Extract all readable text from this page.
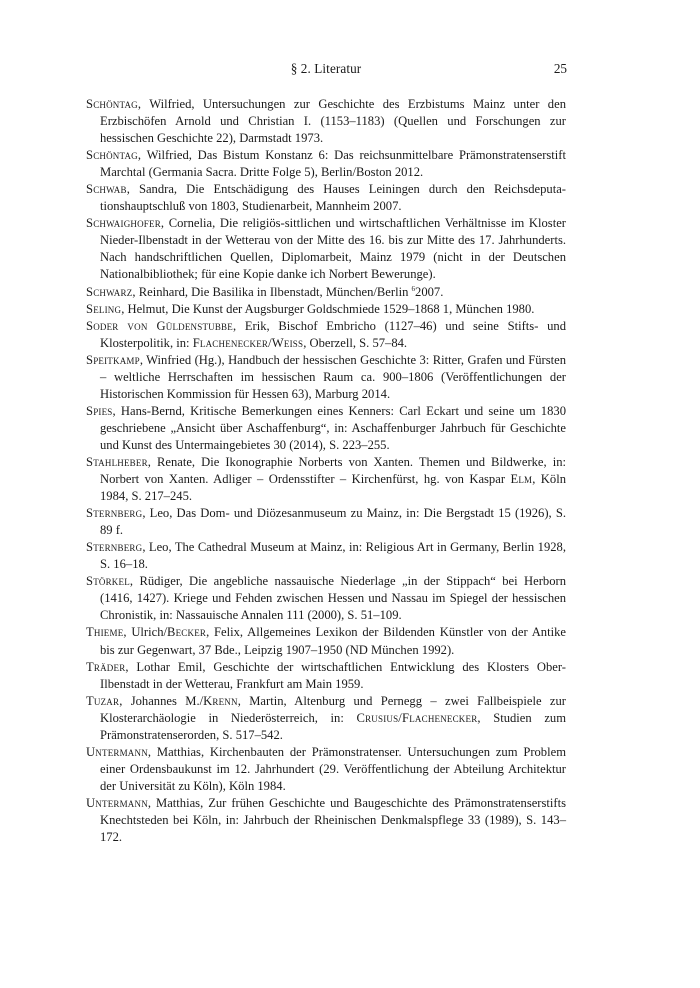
§ 2. Literatur	25

Schöntag, Wilfried, Untersuchungen zur Geschichte des Erzbistums Mainz unter den Erzbischöfen Arnold und Christian I. (1153–1183) (Quellen und Forschungen zur hessischen Geschichte 22), Darmstadt 1973.

Schöntag, Wilfried, Das Bistum Konstanz 6: Das reichsunmittelbare Prämonstratenserstift Marchtal (Germania Sacra. Dritte Folge 5), Berlin/Boston 2012.

Schwab, Sandra, Die Entschädigung des Hauses Leiningen durch den Reichsdeputationshauptschluß von 1803, Studienarbeit, Mannheim 2007.

Schwaighofer, Cornelia, Die religiös-sittlichen und wirtschaftlichen Verhältnisse im Kloster Nieder-Ilbenstadt in der Wetterau von der Mitte des 16. bis zur Mitte des 17. Jahrhunderts. Nach handschriftlichen Quellen, Diplomarbeit, Mainz 1979 (nicht in der Deutschen Nationalbibliothek; für eine Kopie danke ich Norbert Bewerunge).

Schwarz, Reinhard, Die Basilika in Ilbenstadt, München/Berlin $^6$2007.

Seling, Helmut, Die Kunst der Augsburger Goldschmiede 1529–1868 1, München 1980.

Soder von Güldenstubbe, Erik, Bischof Embricho (1127–46) und seine Stifts- und Klosterpolitik, in: Flachenecker/Weiss, Oberzell, S. 57–84.

Speitkamp, Winfried (Hg.), Handbuch der hessischen Geschichte 3: Ritter, Grafen und Fürsten – weltliche Herrschaften im hessischen Raum ca. 900–1806 (Veröffentlichungen der Historischen Kommission für Hessen 63), Marburg 2014.

Spies, Hans-Bernd, Kritische Bemerkungen eines Kenners: Carl Eckart und seine um 1830 geschriebene „Ansicht über Aschaffenburg“, in: Aschaffenburger Jahrbuch für Geschichte und Kunst des Untermaingebietes 30 (2014), S. 223–255.

Stahlheber, Renate, Die Ikonographie Norberts von Xanten. Themen und Bildwerke, in: Norbert von Xanten. Adliger – Ordensstifter – Kirchenfürst, hg. von Kaspar Elm, Köln 1984, S. 217–245.

Sternberg, Leo, Das Dom- und Diözesanmuseum zu Mainz, in: Die Bergstadt 15 (1926), S. 89 f.

Sternberg, Leo, The Cathedral Museum at Mainz, in: Religious Art in Germany, Berlin 1928, S. 16–18.

Störkel, Rüdiger, Die angebliche nassauische Niederlage „in der Stippach“ bei Herborn (1416, 1427). Kriege und Fehden zwischen Hessen und Nassau im Spiegel der hessischen Chronistik, in: Nassauische Annalen 111 (2000), S. 51–109.

Thieme, Ulrich/Becker, Felix, Allgemeines Lexikon der Bildenden Künstler von der Antike bis zur Gegenwart, 37 Bde., Leipzig 1907–1950 (ND München 1992).

Träder, Lothar Emil, Geschichte der wirtschaftlichen Entwicklung des Klosters Ober-Ilbenstadt in der Wetterau, Frankfurt am Main 1959.

Tuzar, Johannes M./Krenn, Martin, Altenburg und Pernegg – zwei Fallbeispiele zur Klosterarchäologie in Niederösterreich, in: Crusius/Flachenecker, Studien zum Prämonstratenserorden, S. 517–542.

Untermann, Matthias, Kirchenbauten der Prämonstratenser. Untersuchungen zum Problem einer Ordensbaukunst im 12. Jahrhundert (29. Veröffentlichung der Abteilung Architektur der Universität zu Köln), Köln 1984.

Untermann, Matthias, Zur frühen Geschichte und Baugeschichte des Prämonstratenserstifts Knechtsteden bei Köln, in: Jahrbuch der Rheinischen Denkmalspflege 33 (1989), S. 143–172.
